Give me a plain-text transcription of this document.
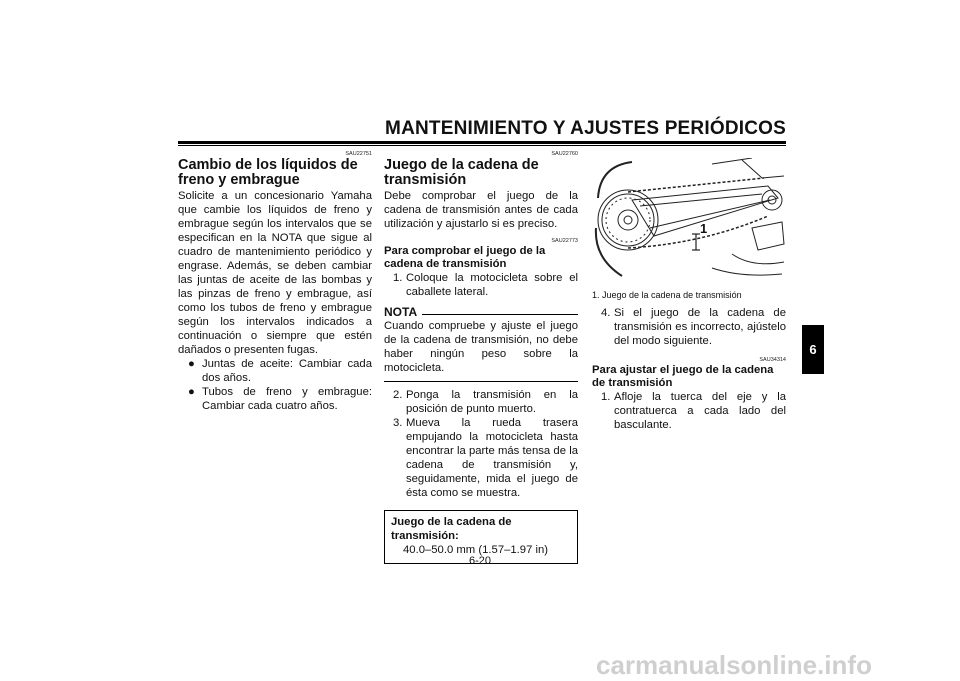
MANTENIMIENTO Y AJUSTES PERIÓDICOS
SAU22751
Cambio de los líquidos de freno y embrague
Solicite a un concesionario Yamaha que cambie los líquidos de freno y embrague según los intervalos que se especifican en la NOTA que sigue al cuadro de mantenimiento periódico y engrase. Además, se deben cambiar las juntas de aceite de las bombas y las pinzas de freno y embrague, así como los tubos de freno y embrague según los intervalos indicados a continuación o siempre que estén dañados o presenten fugas.
● Juntas de aceite: Cambiar cada dos años.
● Tubos de freno y embrague: Cambiar cada cuatro años.
SAU22760
Juego de la cadena de transmisión
Debe comprobar el juego de la cadena de transmisión antes de cada utilización y ajustarlo si es preciso.
SAU22773
Para comprobar el juego de la cadena de transmisión
1. Coloque la motocicleta sobre el caballete lateral.
NOTA
Cuando compruebe y ajuste el juego de la cadena de transmisión, no debe haber ningún peso sobre la motocicleta.
2. Ponga la transmisión en la posición de punto muerto.
3. Mueva la rueda trasera empujando la motocicleta hasta encontrar la parte más tensa de la cadena de transmisión y, seguidamente, mida el juego de ésta como se muestra.
Juego de la cadena de transmisión:
40.0–50.0 mm (1.57–1.97 in)
1
1. Juego de la cadena de transmisión
4. Si el juego de la cadena de transmisión es incorrecto, ajústelo del modo siguiente.
SAU34314
Para ajustar el juego de la cadena de transmisión
1. Afloje la tuerca del eje y la contratuerca a cada lado del basculante.
6
6-20
carmanualsonline.info
